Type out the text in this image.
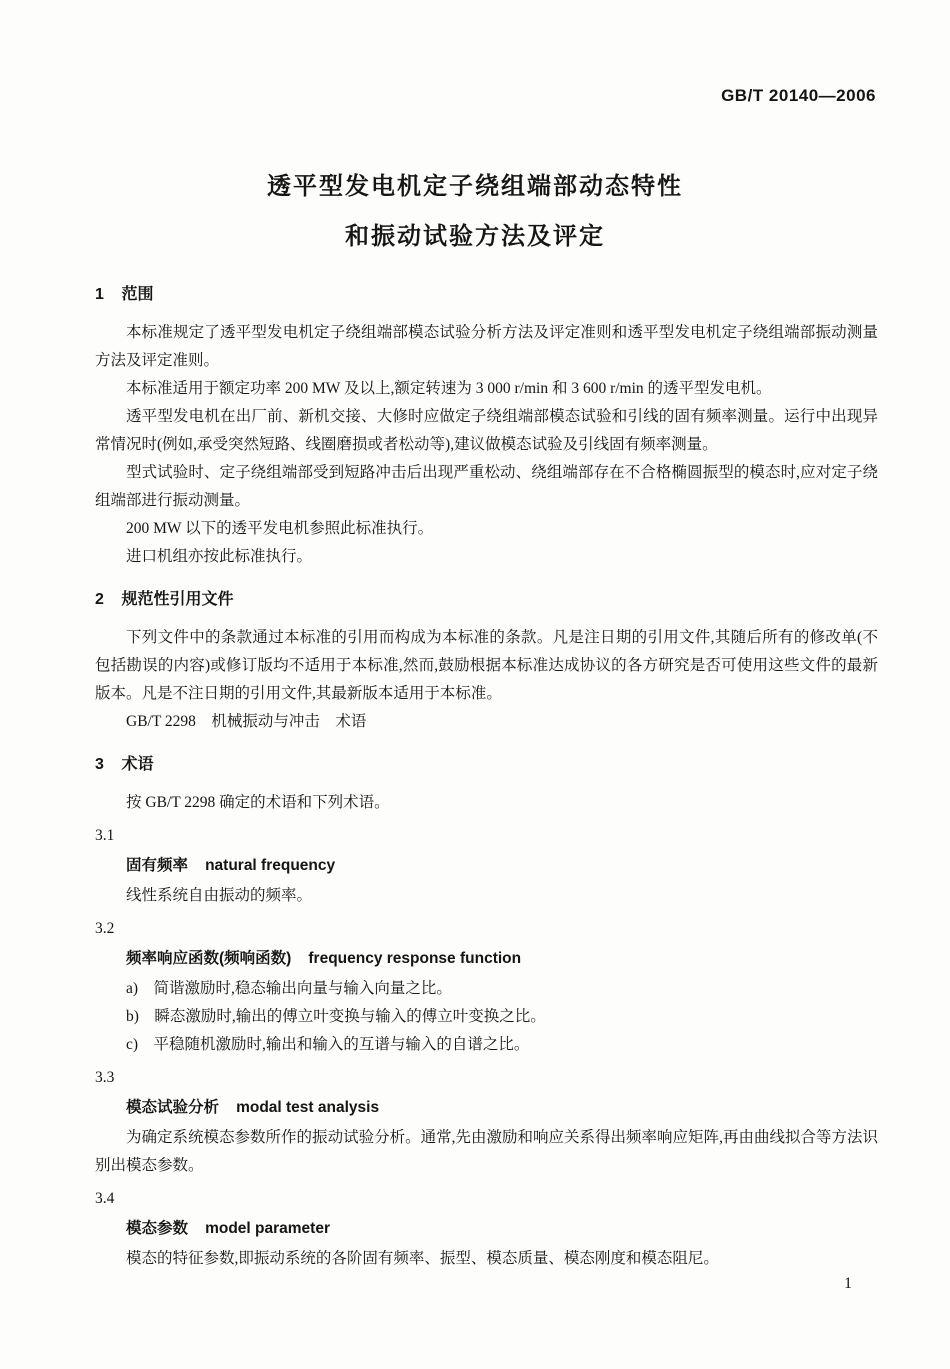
GB/T 20140—2006
透平型发电机定子绕组端部动态特性
和振动试验方法及评定
1 范围

本标准规定了透平型发电机定子绕组端部模态试验分析方法及评定准则和透平型发电机定子绕组端部振动测量方法及评定准则。

本标准适用于额定功率 200 MW 及以上,额定转速为 3 000 r/min 和 3 600 r/min 的透平型发电机。

透平型发电机在出厂前、新机交接、大修时应做定子绕组端部模态试验和引线的固有频率测量。运行中出现异常情况时(例如,承受突然短路、线圈磨损或者松动等),建议做模态试验及引线固有频率测量。

型式试验时、定子绕组端部受到短路冲击后出现严重松动、绕组端部存在不合格椭圆振型的模态时,应对定子绕组端部进行振动测量。

200 MW 以下的透平发电机参照此标准执行。

进口机组亦按此标准执行。

2 规范性引用文件

下列文件中的条款通过本标准的引用而构成为本标准的条款。凡是注日期的引用文件,其随后所有的修改单(不包括勘误的内容)或修订版均不适用于本标准,然而,鼓励根据本标准达成协议的各方研究是否可使用这些文件的最新版本。凡是不注日期的引用文件,其最新版本适用于本标准。

GB/T 2298　机械振动与冲击　术语

3 术语

按 GB/T 2298 确定的术语和下列术语。

3.1

固有频率 natural frequency

线性系统自由振动的频率。

3.2

频率响应函数(频响函数) frequency response function

a)　简谐激励时,稳态输出向量与输入向量之比。

b)　瞬态激励时,输出的傅立叶变换与输入的傅立叶变换之比。

c)　平稳随机激励时,输出和输入的互谱与输入的自谱之比。

3.3

模态试验分析 modal test analysis

为确定系统模态参数所作的振动试验分析。通常,先由激励和响应关系得出频率响应矩阵,再由曲线拟合等方法识别出模态参数。

3.4

模态参数 model parameter

模态的特征参数,即振动系统的各阶固有频率、振型、模态质量、模态刚度和模态阻尼。

1
